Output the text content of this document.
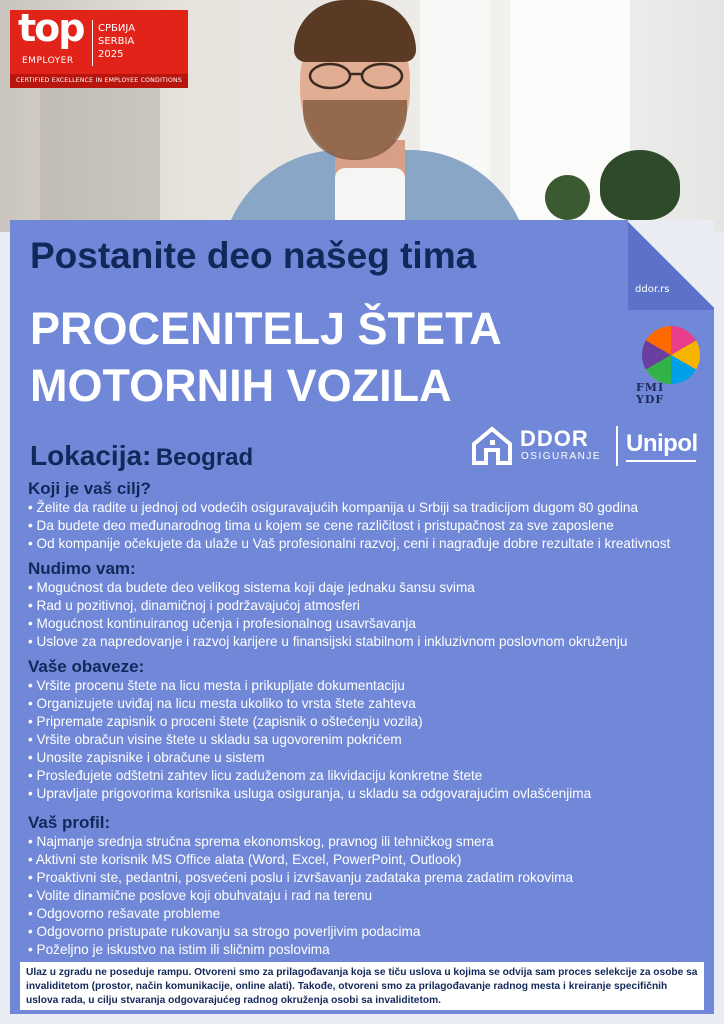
top
EMPLOYER
СРБИЈА
SERBIA
2025
CERTIFIED EXCELLENCE IN EMPLOYEE CONDITIONS
Postanite deo našeg tima
ddor.rs
PROCENITELJ ŠTETA
MOTORNIH VOZILA	FMI
YDF
Lokacija: Beograd
DDOR
OSIGURANJE Unipol
Koji je vaš cilj?
• Želite da radite u jednoj od vodećih osiguravajućih kompanija u Srbiji sa tradicijom dugom 80 godina
• Da budete deo međunarodnog tima u kojem se cene različitost i pristupačnost za sve zaposlene
• Od kompanije očekujete da ulaže u Vaš profesionalni razvoj, ceni i nagrađuje dobre rezultate i kreativnost
Nudimo vam:
• Mogućnost da budete deo velikog sistema koji daje jednaku šansu svima
• Rad u pozitivnoj, dinamičnoj i podržavajućoj atmosferi
• Mogućnost kontinuiranog učenja i profesionalnog usavršavanja
• Uslove za napredovanje i razvoj karijere u finansijski stabilnom i inkluzivnom poslovnom okruženju
Vaše obaveze:
• Vršite procenu štete na licu mesta i prikupljate dokumentaciju
• Organizujete uviđaj na licu mesta ukoliko to vrsta štete zahteva
• Pripremate zapisnik o proceni štete (zapisnik o oštećenju vozila)
• Vršite obračun visine štete u skladu sa ugovorenim pokrićem
• Unosite zapisnike i obračune u sistem
• Prosleđujete odštetni zahtev licu zaduženom za likvidaciju konkretne štete
• Upravljate prigovorima korisnika usluga osiguranja, u skladu sa odgovarajućim ovlašćenjima
Vaš profil:
• Najmanje srednja stručna sprema ekonomskog, pravnog ili tehničkog smera
• Aktivni ste korisnik MS Office alata (Word, Excel, PowerPoint, Outlook)
• Proaktivni ste, pedantni, posvećeni poslu i izvršavanju zadataka prema zadatim rokovima
• Volite dinamične poslove koji obuhvataju i rad na terenu
• Odgovorno rešavate probleme
• Odgovorno pristupate rukovanju sa strogo poverljivim podacima
• Poželjno je iskustvo na istim ili sličnim poslovima
Ulaz u zgradu ne poseduje rampu. Otvoreni smo za prilagođavanja koja se tiču uslova u kojima se odvija sam proces selekcije za osobe sa invaliditetom (prostor, način komunikacije, online alati). Takođe, otvoreni smo za prilagođavanje radnog mesta i kreiranje specifičnih uslova rada, u cilju stvaranja odgovarajućeg radnog okruženja osobi sa invaliditetom.
